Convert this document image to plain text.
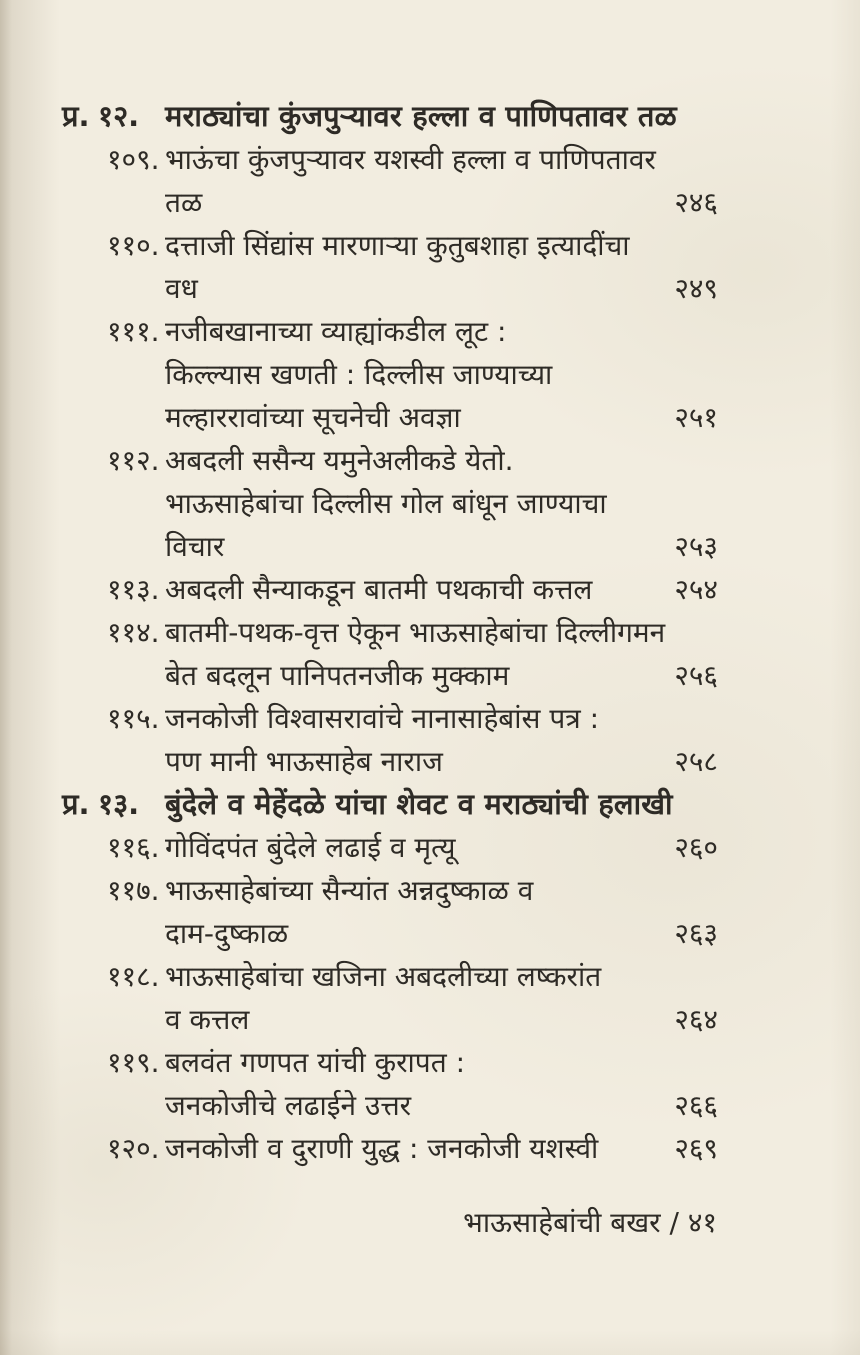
प्र. १२. मराठ्यांचा कुंजपुऱ्यावर हल्ला व पाणिपतावर तळ
१०९. भाऊंचा कुंजपुऱ्यावर यशस्वी हल्ला व पाणिपतावर
तळ	२४६
११०. दत्ताजी सिंद्यांस मारणाऱ्या कुतुबशाहा इत्यादींचा
वध	२४९
१११. नजीबखानाच्या व्याह्यांकडील लूट :
किल्ल्यास खणती : दिल्लीस जाण्याच्या
मल्हाररावांच्या सूचनेची अवज्ञा	२५१
११२. अबदली ससैन्य यमुनेअलीकडे येतो.
भाऊसाहेबांचा दिल्लीस गोल बांधून जाण्याचा
विचार	२५३
११३. अबदली सैन्याकडून बातमी पथकाची कत्तल	२५४
११४. बातमी-पथक-वृत्त ऐकून भाऊसाहेबांचा दिल्लीगमन
बेत बदलून पानिपतनजीक मुक्काम	२५६
११५. जनकोजी विश्वासरावांचे नानासाहेबांस पत्र :
पण मानी भाऊसाहेब नाराज	२५८
प्र. १३. बुंदेले व मेहेंदळे यांचा शेवट व मराठ्यांची हलाखी
११६. गोविंदपंत बुंदेले लढाई व मृत्यू	२६०
११७. भाऊसाहेबांच्या सैन्यांत अन्नदुष्काळ व
दाम-दुष्काळ	२६३
११८. भाऊसाहेबांचा खजिना अबदलीच्या लष्करांत
व कत्तल	२६४
११९. बलवंत गणपत यांची कुरापत :
जनकोजीचे लढाईने उत्तर	२६६
१२०. जनकोजी व दुराणी युद्ध : जनकोजी यशस्वी	२६९
भाऊसाहेबांची बखर / ४१
